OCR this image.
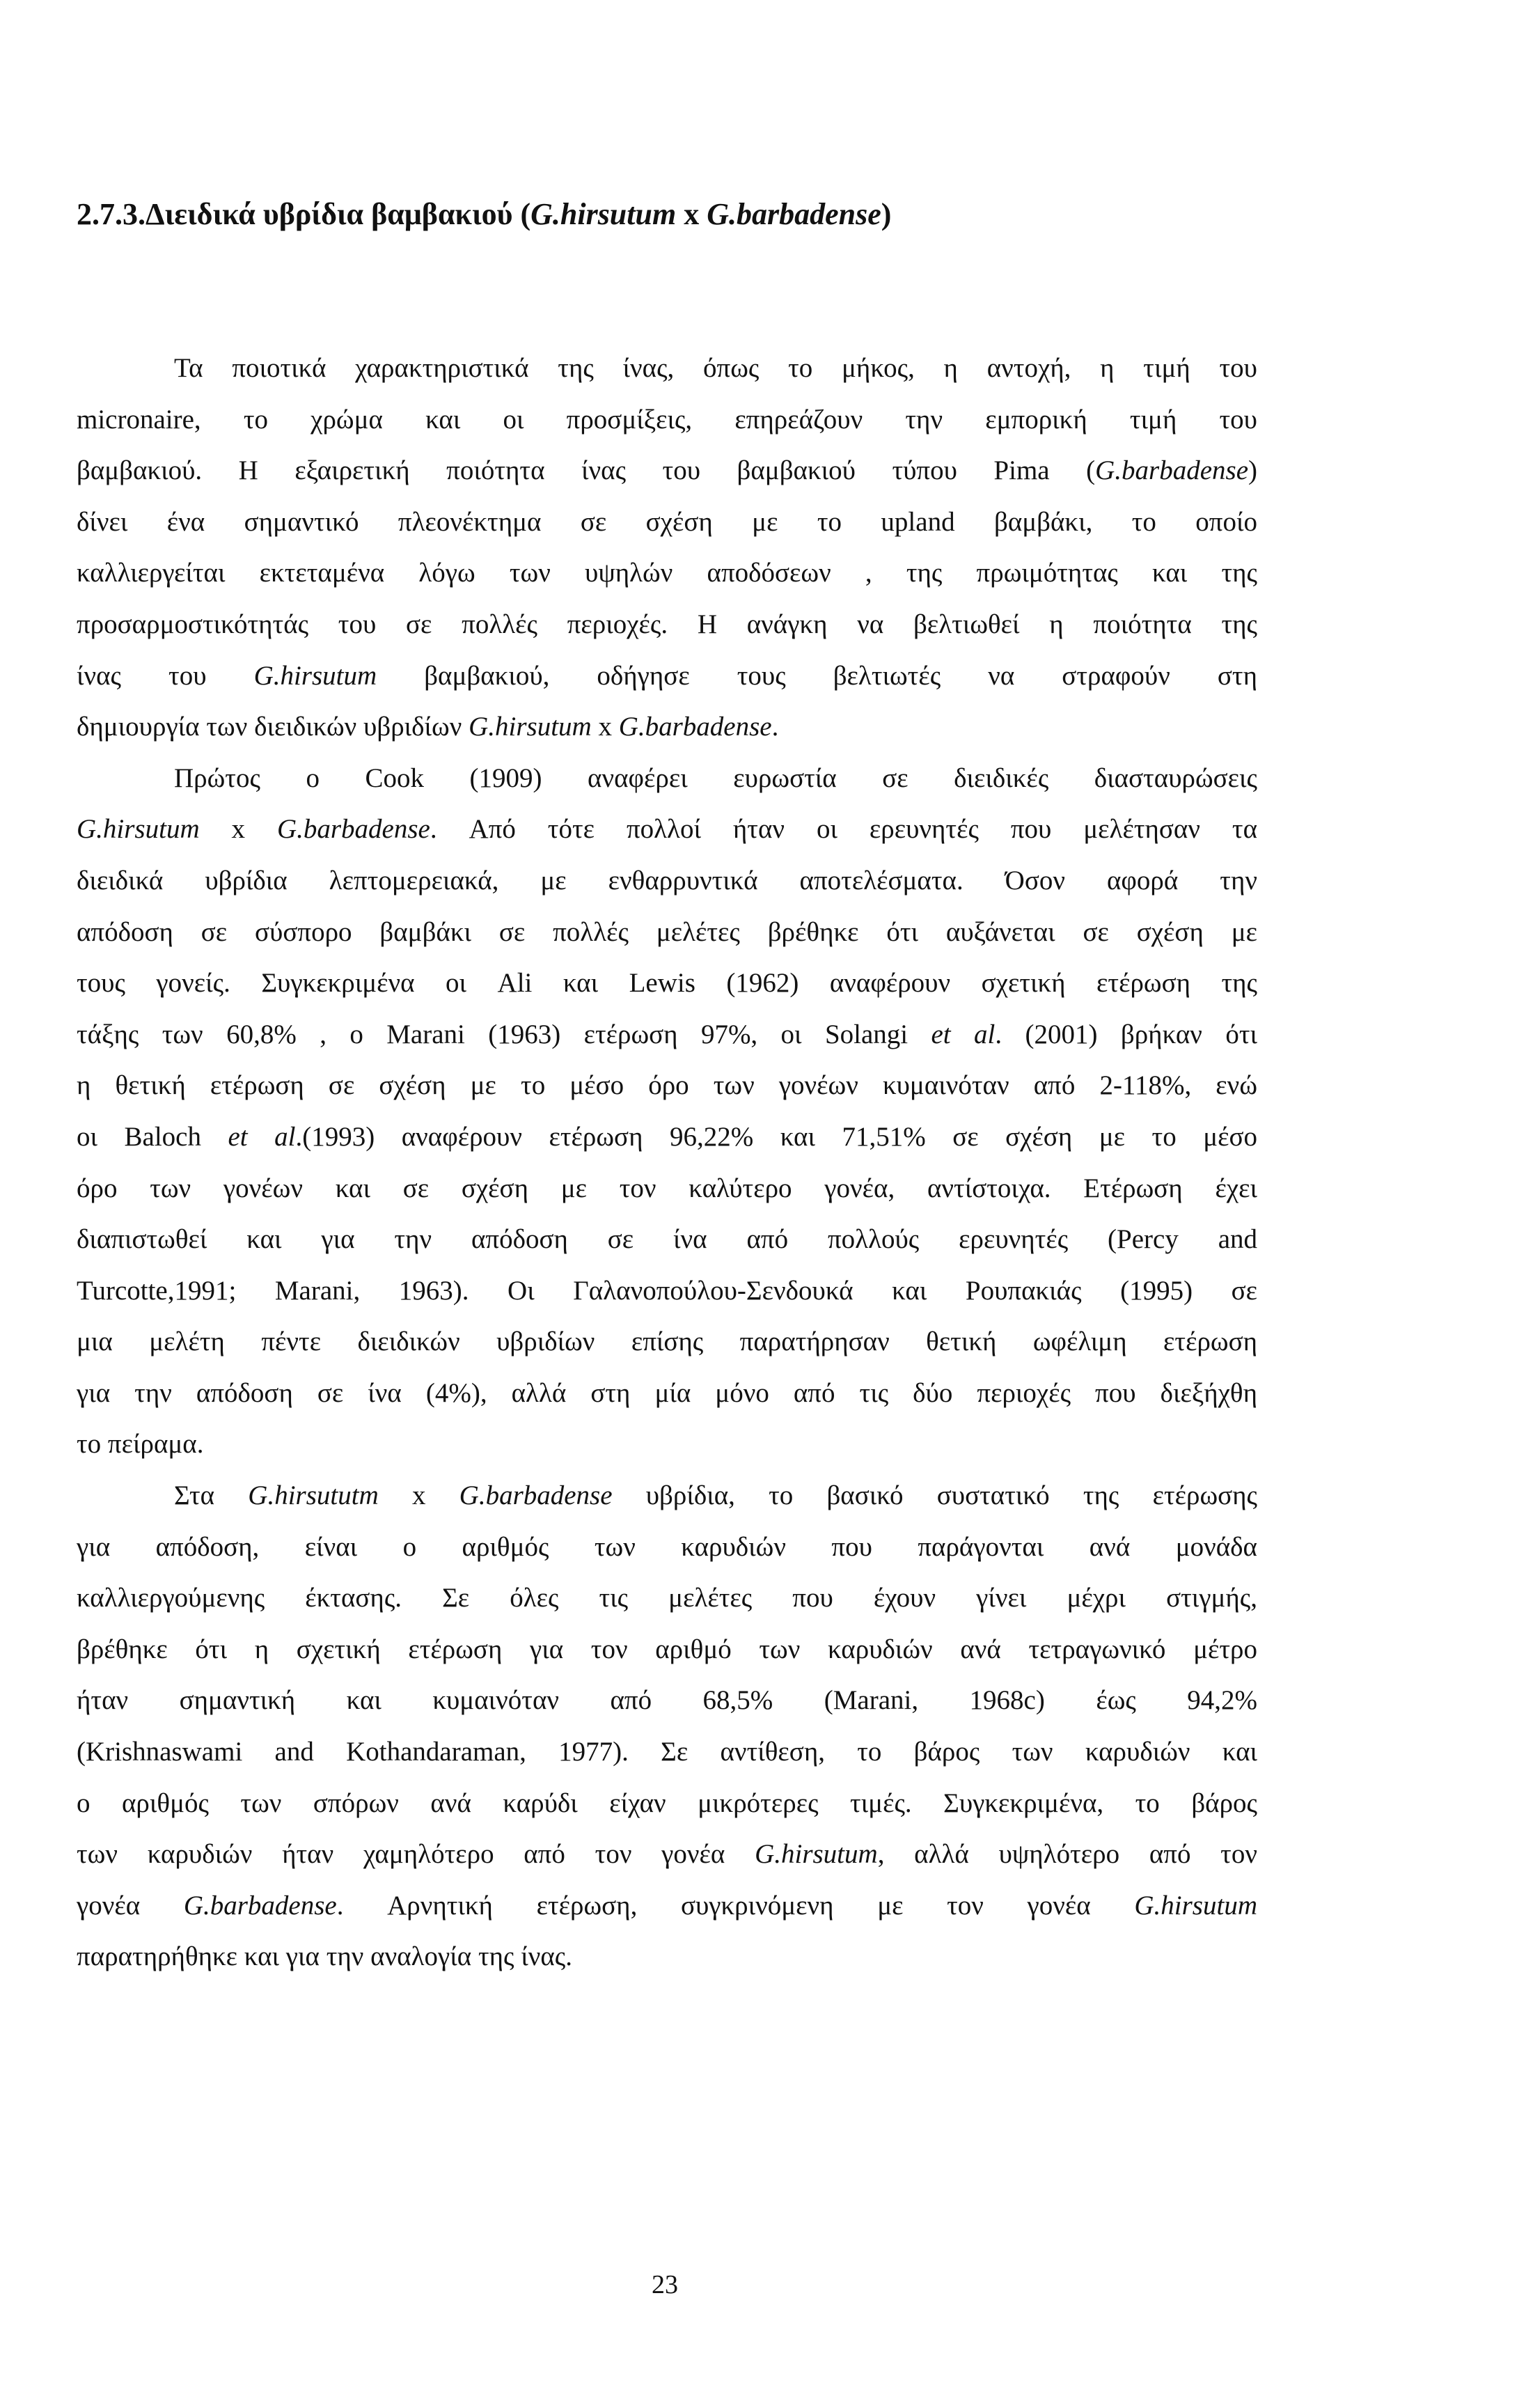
2.7.3.Διειδικά υβρίδια βαμβακιού (G.hirsutum x G.barbadense)
Τα ποιοτικά χαρακτηριστικά της ίνας, όπως το μήκος, η αντοχή, η τιμή του
micronaire, το χρώμα και οι προσμίξεις, επηρεάζουν την εμπορική τιμή του
βαμβακιού. Η εξαιρετική ποιότητα ίνας του βαμβακιού τύπου Pima (G.barbadense)
δίνει ένα σημαντικό πλεονέκτημα σε σχέση με το upland βαμβάκι, το οποίο
καλλιεργείται εκτεταμένα λόγω των υψηλών αποδόσεων , της πρωιμότητας και της
προσαρμοστικότητάς του σε πολλές περιοχές. Η ανάγκη να βελτιωθεί η ποιότητα της
ίνας του G.hirsutum βαμβακιού, οδήγησε τους βελτιωτές να στραφούν στη
δημιουργία των διειδικών υβριδίων G.hirsutum x G.barbadense.
Πρώτος ο Cook (1909) αναφέρει ευρωστία σε διειδικές διασταυρώσεις
G.hirsutum x G.barbadense. Από τότε πολλοί ήταν οι ερευνητές που μελέτησαν τα
διειδικά υβρίδια λεπτομερειακά, με ενθαρρυντικά αποτελέσματα. Όσον αφορά την
απόδοση σε σύσπορο βαμβάκι σε πολλές μελέτες βρέθηκε ότι αυξάνεται σε σχέση με
τους γονείς. Συγκεκριμένα οι Ali και Lewis (1962) αναφέρουν σχετική ετέρωση της
τάξης των 60,8% , ο Marani (1963) ετέρωση 97%, οι Solangi et al. (2001) βρήκαν ότι
η θετική ετέρωση σε σχέση με το μέσο όρο των γονέων κυμαινόταν από 2-118%, ενώ
οι Baloch et al.(1993) αναφέρουν ετέρωση 96,22% και 71,51% σε σχέση με το μέσο
όρο των γονέων και σε σχέση με τον καλύτερο γονέα, αντίστοιχα. Ετέρωση έχει
διαπιστωθεί και για την απόδοση σε ίνα από πολλούς ερευνητές (Percy and
Turcotte,1991; Marani, 1963). Οι Γαλανοπούλου-Σενδουκά και Ρουπακιάς (1995) σε
μια μελέτη πέντε διειδικών υβριδίων επίσης παρατήρησαν θετική ωφέλιμη ετέρωση
για την απόδοση σε ίνα (4%), αλλά στη μία μόνο από τις δύο περιοχές που διεξήχθη
το πείραμα.
Στα G.hirsututm x G.barbadense υβρίδια, το βασικό συστατικό της ετέρωσης
για απόδοση, είναι ο αριθμός των καρυδιών που παράγονται ανά μονάδα
καλλιεργούμενης έκτασης. Σε όλες τις μελέτες που έχουν γίνει μέχρι στιγμής,
βρέθηκε ότι η σχετική ετέρωση για τον αριθμό των καρυδιών ανά τετραγωνικό μέτρο
ήταν σημαντική και κυμαινόταν από 68,5% (Marani, 1968c) έως 94,2%
(Krishnaswami and Kothandaraman, 1977). Σε αντίθεση, το βάρος των καρυδιών και
ο αριθμός των σπόρων ανά καρύδι είχαν μικρότερες τιμές. Συγκεκριμένα, το βάρος
των καρυδιών ήταν χαμηλότερο από τον γονέα G.hirsutum, αλλά υψηλότερο από τον
γονέα G.barbadense. Αρνητική ετέρωση, συγκρινόμενη με τον γονέα G.hirsutum
παρατηρήθηκε και για την αναλογία της ίνας.
23
